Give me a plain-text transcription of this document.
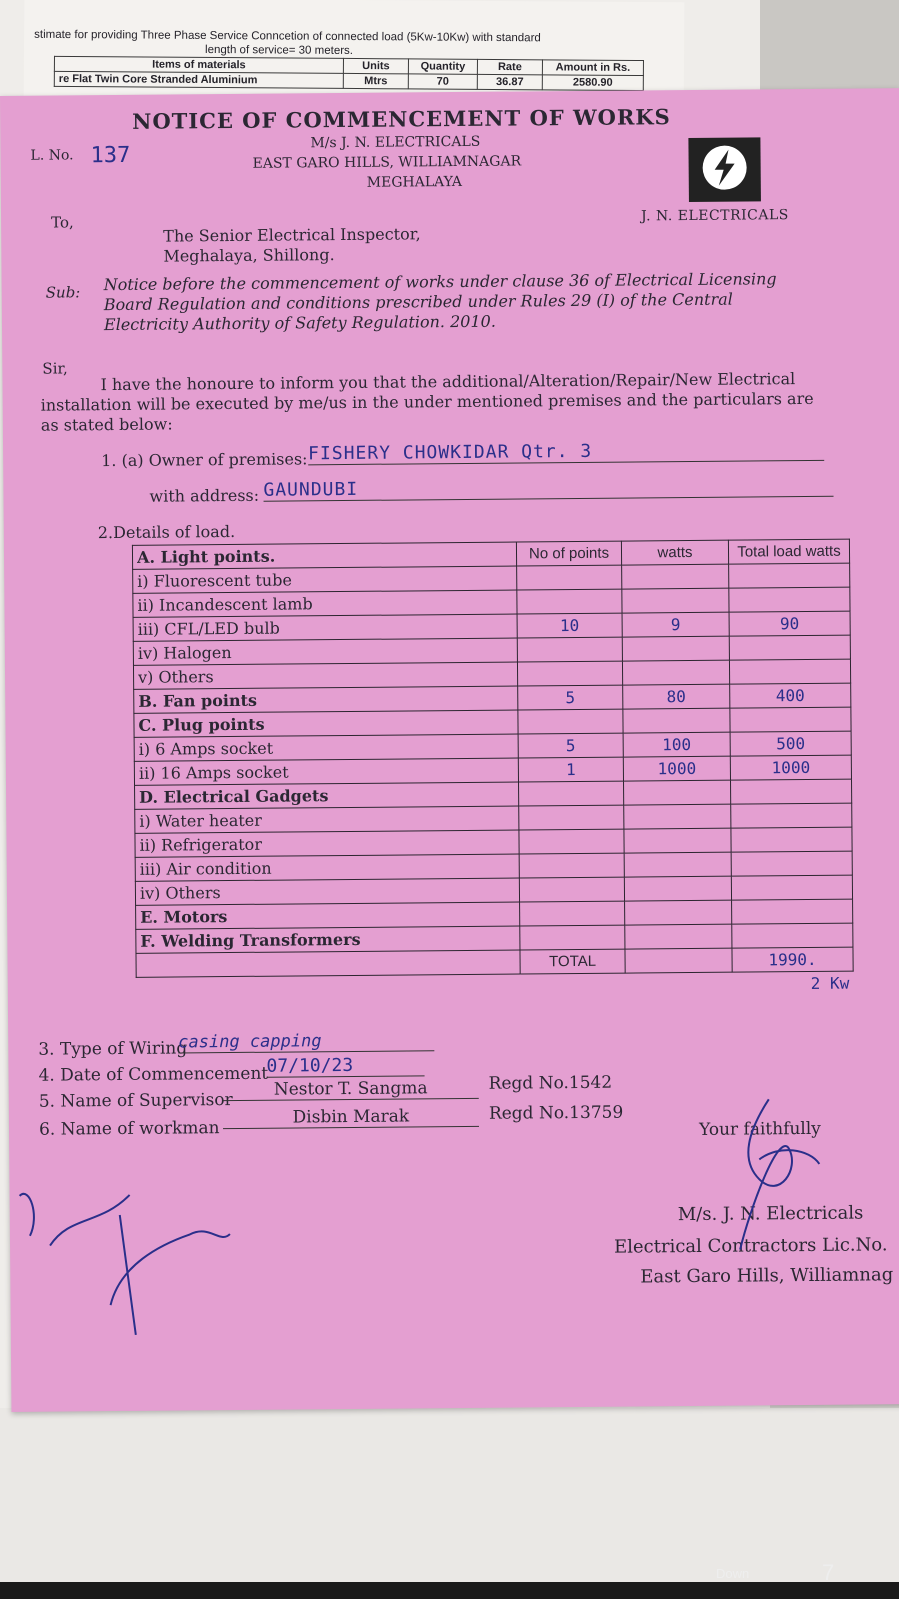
stimate for providing Three Phase Service Conncetion of connected load (5Kw-10Kw) with standard
length of service= 30 meters.
Items of materials	Units	Quantity	Rate	Amount in Rs.
re Flat Twin Core Stranded Aluminium	Mtrs	70	36.87	2580.90
NOTICE OF COMMENCEMENT OF WORKS
M/s J. N. ELECTRICALS
EAST GARO HILLS, WILLIAMNAGAR
MEGHALAYA
L. No. 137
J. N. ELECTRICALS
To,
The Senior Electrical Inspector,
Meghalaya, Shillong.
Sub: Notice before the commencement of works under clause 36 of Electrical Licensing
Board Regulation and conditions prescribed under Rules 29 (I) of the Central
Electricity Authority of Safety Regulation. 2010.
Sir,
I have the honoure to inform you that the additional/Alteration/Repair/New Electrical
installation will be executed by me/us in the under mentioned premises and the particulars are
as stated below:
1. (a) Owner of premises: FISHERY CHOWKIDAR Qtr. 3
with address: GAUNDUBI
2.Details of load.
A. Light points.	No of points	watts	Total load watts
i) Fluorescent tube			
ii) Incandescent lamb			
iii) CFL/LED bulb	10	9	90
iv) Halogen			
v) Others			
B. Fan points	5	80	400
C. Plug points			
i) 6 Amps socket	5	100	500
ii) 16 Amps socket	1	1000	1000
D. Electrical Gadgets			
i) Water heater			
ii) Refrigerator			
iii) Air condition			
iv) Others			
E. Motors			
F. Welding Transformers			
	TOTAL		1990.
			2 Kw
3. Type of Wiring
casing capping
4. Date of Commencement
07/10/23
5. Name of Supervisor
Nestor T. Sangma	Regd No.1542
6. Name of workman
Disbin Marak	Regd No.13759
Your faithfully
M/s. J. N. Electricals
Electrical Contractors Lic.No.
East Garo Hills, Williamnag
Down	7
